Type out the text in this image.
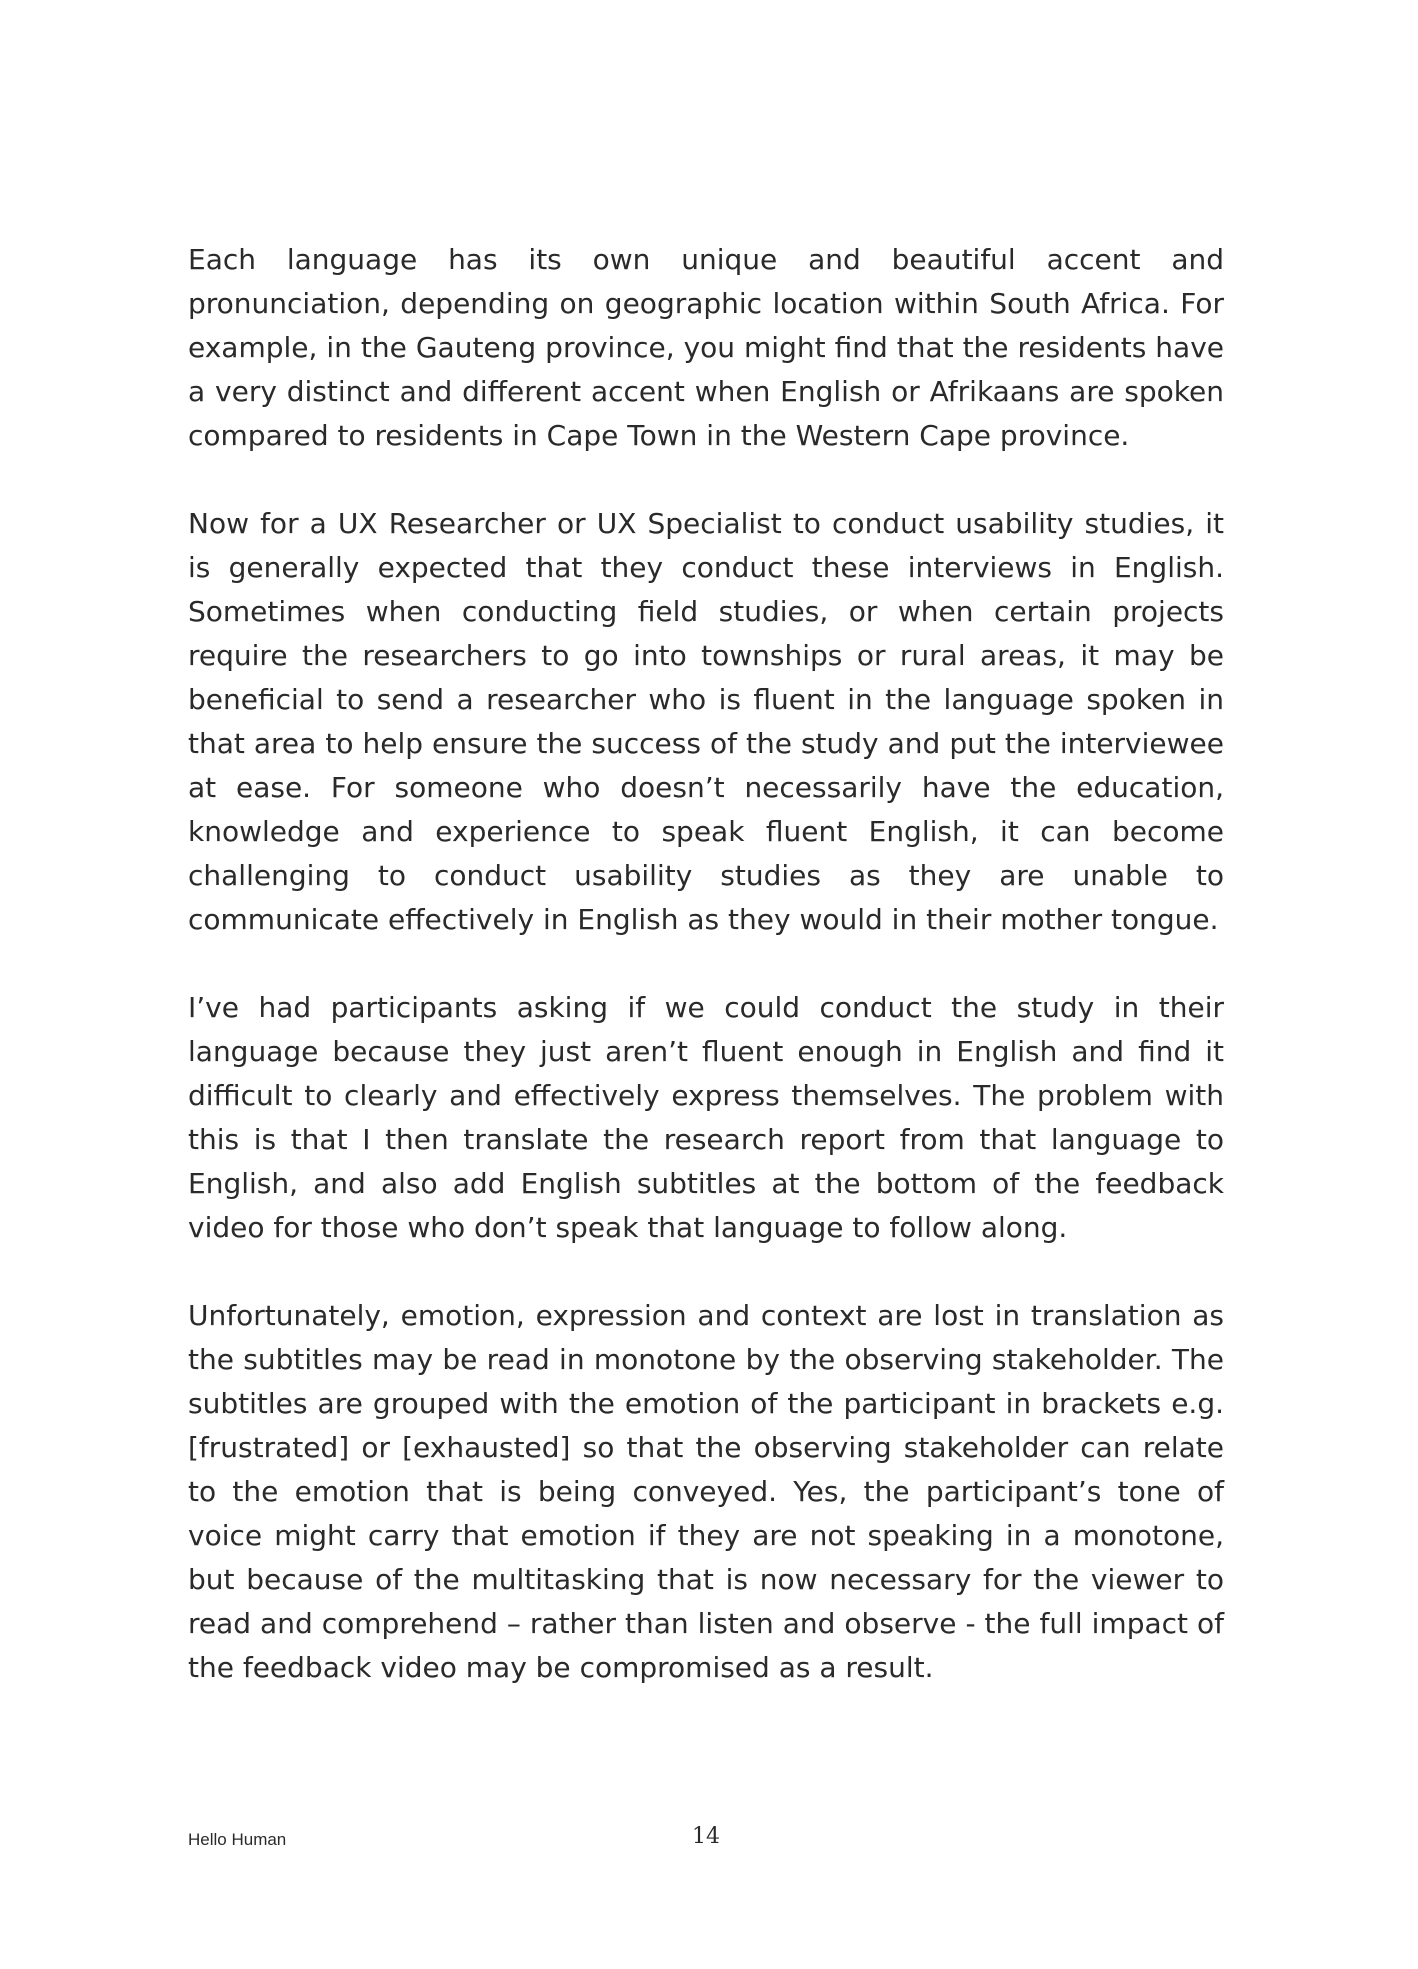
Each language has its own unique and beautiful accent and pronunciation, depending on geographic location within South Africa. For example, in the Gauteng province, you might find that the residents have a very distinct and different accent when English or Afrikaans are spoken compared to residents in Cape Town in the Western Cape province.

Now for a UX Researcher or UX Specialist to conduct usability studies, it is generally expected that they conduct these interviews in English. Sometimes when conducting field studies, or when certain projects require the researchers to go into townships or rural areas, it may be beneficial to send a researcher who is fluent in the language spoken in that area to help ensure the success of the study and put the interviewee at ease. For someone who doesn’t necessarily have the education, knowledge and experience to speak fluent English, it can become challenging to conduct usability studies as they are unable to communicate effectively in English as they would in their mother tongue.

I’ve had participants asking if we could conduct the study in their language because they just aren’t fluent enough in English and find it difficult to clearly and effectively express themselves. The problem with this is that I then translate the research report from that language to English, and also add English subtitles at the bottom of the feedback video for those who don’t speak that language to follow along.

Unfortunately, emotion, expression and context are lost in translation as the subtitles may be read in monotone by the observing stakeholder. The subtitles are grouped with the emotion of the participant in brackets e.g. [frustrated] or [exhausted] so that the observing stakeholder can relate to the emotion that is being conveyed. Yes, the participant’s tone of voice might carry that emotion if they are not speaking in a monotone, but because of the multitasking that is now necessary for the viewer to read and comprehend – rather than listen and observe - the full impact of the feedback video may be compromised as a result.

Hello Human	14
